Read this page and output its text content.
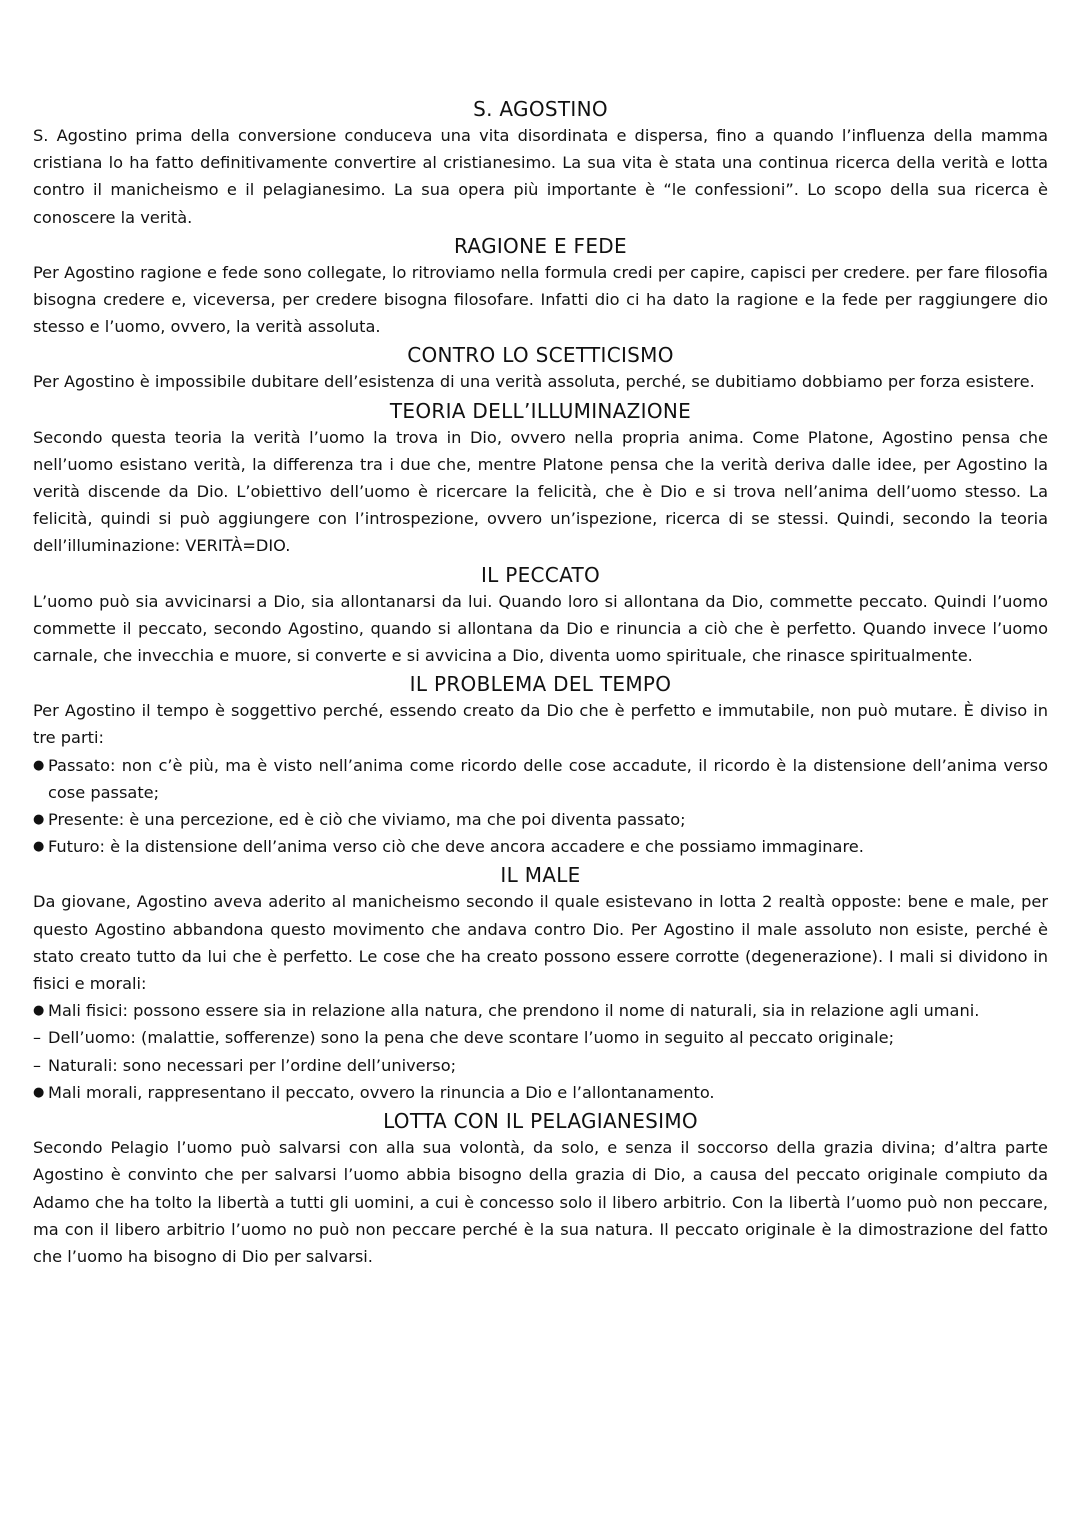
S. AGOSTINO

S. Agostino prima della conversione conduceva una vita disordinata e dispersa, fino a quando l’influenza della mamma cristiana lo ha fatto definitivamente convertire al cristianesimo. La sua vita è stata una continua ricerca della verità e lotta contro il manicheismo e il pelagianesimo. La sua opera più importante è “le confessioni”. Lo scopo della sua ricerca è conoscere la verità.

RAGIONE E FEDE

Per Agostino ragione e fede sono collegate, lo ritroviamo nella formula credi per capire, capisci per credere. per fare filosofia bisogna credere e, viceversa, per credere bisogna filosofare. Infatti dio ci ha dato la ragione e la fede per raggiungere dio stesso e l’uomo, ovvero, la verità assoluta.

CONTRO LO SCETTICISMO

Per Agostino è impossibile dubitare dell’esistenza di una verità assoluta, perché, se dubitiamo dobbiamo per forza esistere.

TEORIA DELL’ILLUMINAZIONE

Secondo questa teoria la verità l’uomo la trova in Dio, ovvero nella propria anima. Come Platone, Agostino pensa che nell’uomo esistano verità, la differenza tra i due che, mentre Platone pensa che la verità deriva dalle idee, per Agostino la verità discende da Dio. L’obiettivo dell’uomo è ricercare la felicità, che è Dio e si trova nell’anima dell’uomo stesso. La felicità, quindi si può aggiungere con l’introspezione, ovvero un’ispezione, ricerca di se stessi. Quindi, secondo la teoria dell’illuminazione: VERITÀ=DIO.

IL PECCATO

L’uomo può sia avvicinarsi a Dio, sia allontanarsi da lui. Quando loro si allontana da Dio, commette peccato. Quindi l’uomo commette il peccato, secondo Agostino, quando si allontana da Dio e rinuncia a ciò che è perfetto. Quando invece l’uomo carnale, che invecchia e muore, si converte e si avvicina a Dio, diventa uomo spirituale, che rinasce spiritualmente.

IL PROBLEMA DEL TEMPO

Per Agostino il tempo è soggettivo perché, essendo creato da Dio che è perfetto e immutabile, non può mutare. È diviso in tre parti:

● Passato: non c’è più, ma è visto nell’anima come ricordo delle cose accadute, il ricordo è la distensione dell’anima verso cose passate;
● Presente: è una percezione, ed è ciò che viviamo, ma che poi diventa passato;
● Futuro: è la distensione dell’anima verso ciò che deve ancora accadere e che possiamo immaginare.
IL MALE

Da giovane, Agostino aveva aderito al manicheismo secondo il quale esistevano in lotta 2 realtà opposte: bene e male, per questo Agostino abbandona questo movimento che andava contro Dio. Per Agostino il male assoluto non esiste, perché è stato creato tutto da lui che è perfetto. Le cose che ha creato possono essere corrotte (degenerazione). I mali si dividono in fisici e morali:

● Mali fisici: possono essere sia in relazione alla natura, che prendono il nome di naturali, sia in relazione agli umani.
– Dell’uomo: (malattie, sofferenze) sono la pena che deve scontare l’uomo in seguito al peccato originale;
– Naturali: sono necessari per l’ordine dell’universo;
● Mali morali, rappresentano il peccato, ovvero la rinuncia a Dio e l’allontanamento.
LOTTA CON IL PELAGIANESIMO

Secondo Pelagio l’uomo può salvarsi con alla sua volontà, da solo, e senza il soccorso della grazia divina; d’altra parte Agostino è convinto che per salvarsi l’uomo abbia bisogno della grazia di Dio, a causa del peccato originale compiuto da Adamo che ha tolto la libertà a tutti gli uomini, a cui è concesso solo il libero arbitrio. Con la libertà l’uomo può non peccare, ma con il libero arbitrio l’uomo no può non peccare perché è la sua natura. Il peccato originale è la dimostrazione del fatto che l’uomo ha bisogno di Dio per salvarsi.
